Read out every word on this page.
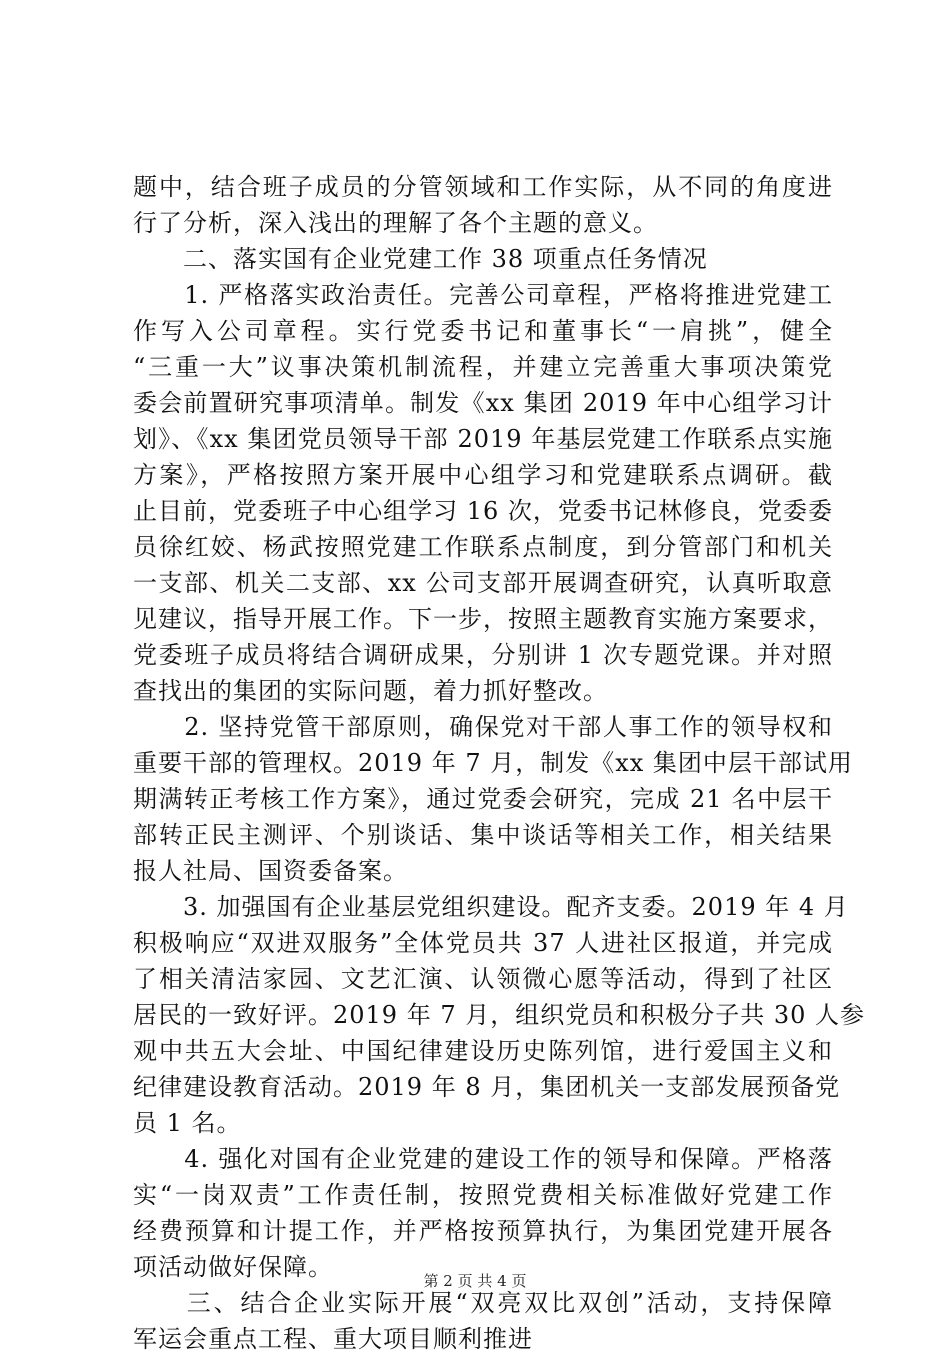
题中，结合班子成员的分管领域和工作实际，从不同的角度进
行了分析，深入浅出的理解了各个主题的意义。
　　二、落实国有企业党建工作 38 项重点任务情况
　　1. 严格落实政治责任。完善公司章程，严格将推进党建工
作写入公司章程。实行党委书记和董事长“一肩挑”，健全
“三重一大”议事决策机制流程，并建立完善重大事项决策党
委会前置研究事项清单。制发《xx 集团 2019 年中心组学习计
划》、《xx 集团党员领导干部 2019 年基层党建工作联系点实施
方案》，严格按照方案开展中心组学习和党建联系点调研。截
止目前，党委班子中心组学习 16 次，党委书记林修良，党委委
员徐红姣、杨武按照党建工作联系点制度，到分管部门和机关
一支部、机关二支部、xx 公司支部开展调查研究，认真听取意
见建议，指导开展工作。下一步，按照主题教育实施方案要求，
党委班子成员将结合调研成果，分别讲 1 次专题党课。并对照
查找出的集团的实际问题，着力抓好整改。
　　2. 坚持党管干部原则，确保党对干部人事工作的领导权和
重要干部的管理权。2019 年 7 月，制发《xx 集团中层干部试用
期满转正考核工作方案》，通过党委会研究，完成 21 名中层干
部转正民主测评、个别谈话、集中谈话等相关工作，相关结果
报人社局、国资委备案。
　　3. 加强国有企业基层党组织建设。配齐支委。2019 年 4 月
积极响应“双进双服务”全体党员共 37 人进社区报道，并完成
了相关清洁家园、文艺汇演、认领微心愿等活动，得到了社区
居民的一致好评。2019 年 7 月，组织党员和积极分子共 30 人参
观中共五大会址、中国纪律建设历史陈列馆，进行爱国主义和
纪律建设教育活动。2019 年 8 月，集团机关一支部发展预备党
员 1 名。
　　4. 强化对国有企业党建的建设工作的领导和保障。严格落
实“一岗双责”工作责任制，按照党费相关标准做好党建工作
经费预算和计提工作，并严格按预算执行，为集团党建开展各
项活动做好保障。
　　三、结合企业实际开展“双亮双比双创”活动，支持保障
军运会重点工程、重大项目顺利推进
第 2 页 共 4 页
